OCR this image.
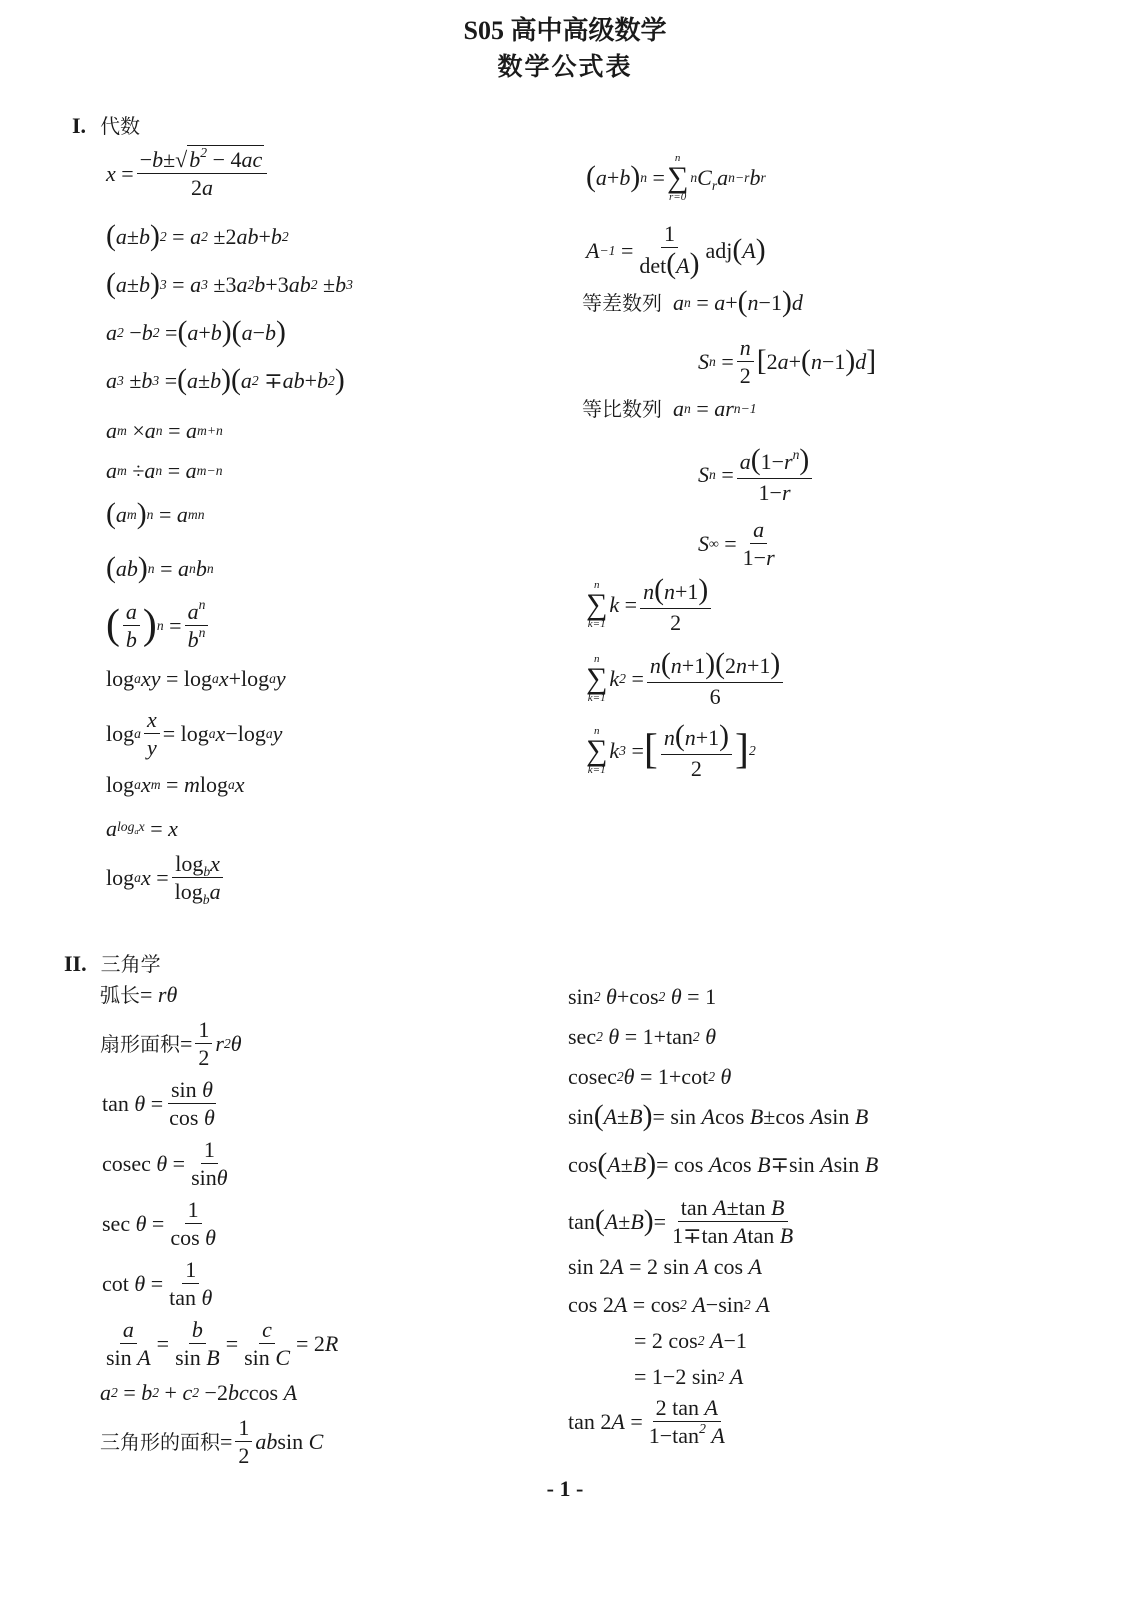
S05 高中高级数学
数学公式表
I. 代数
$x = \frac{-b\pm√b^2 - 4ac}{2a}$
( a ± b ) 2 = a 2 ±2 ab + b 2
( a ± b ) 3 = a 3 ±3 a 2 b +3 ab 2 ± b 3
a 2 − b 2 = ( a + b )( a − b )
a 3 ± b 3 = ( a ± b )( a 2 ∓ ab + b 2 )
a m × a n = a m+n
a m ÷ a n = a m−n
( a m ) n = a mn
( ab ) n = a n b n
( $\frac{a}{b}$ ) $n = \frac{a^n}{b^n}$
log a xy = log a x +log a y
log a $\frac{x}{y} = \log a$ x −log a y
log a x m = m log a x
a $\log_ax = x$
log a $x = \frac{\log_bx}{\log_ba}$
( a + b ) n =
n
∑
r=0
n $C_r$ a n−r b r
$A -1 = \frac{1}{\det(A)}$ adj ( A )
等差数列
a n = a + ( n −1 ) d
S $n = \frac{n}{2}$ [ 2 a + ( n −1 ) d ]
等比数列
a n = ar n−1
S $n = \frac{a(1-r^n)}{1-r}$
S ∞ = $\frac{a}{1-r}$
n
∑
k=1
$k = \frac{n(n+1)}{2}$
n
∑
k=1
k $2 = \frac{n(n+1)(2n+1)}{6}$
n
∑
k=1
k 3 = [ $\frac{n(n+1)}{2}$ ] 2
II. 三角学
弧长 = rθ
扇形面积 = $\frac{1}{2}$ r 2 θ
$\tan \theta = \frac{\text{sin θ}}{\text{cos θ}}$
cosec $\theta = \frac{1}{\sin\theta}$
$\sec \theta = \frac{1}{\text{cos θ}}$
$\cot \theta = \frac{1}{\text{tan θ}}$
$\frac{a}{\text{sin A}} = \frac{b}{\text{sin B}} = \frac{c}{\text{sin C}} = 2$ R
a 2 = b 2 + c 2 −2 bc cos A
三角形的面积 = $\frac{1}{2}$ ab sin C
sin 2
θ +cos 2
θ = 1
sec 2
θ = 1+tan 2
θ
cosec 2 θ = 1+cot 2
θ
sin ( A ± B ) = sin A cos B ±cos A sin B
cos ( A ± B ) = cos A cos B ∓sin A sin B
tan ( A ± B ) = $\frac{\text{tan A±tan B}}{\text{1∓tan Atan B}}$
sin 2 A = 2 sin A cos A
cos 2 A = cos 2
A −sin 2
A
= 2 cos 2
A −1
= 1−2 sin 2
A
tan 2 $A = \frac{\text{2 tan A}}{1-\tan^2 A}$
- 1 -
